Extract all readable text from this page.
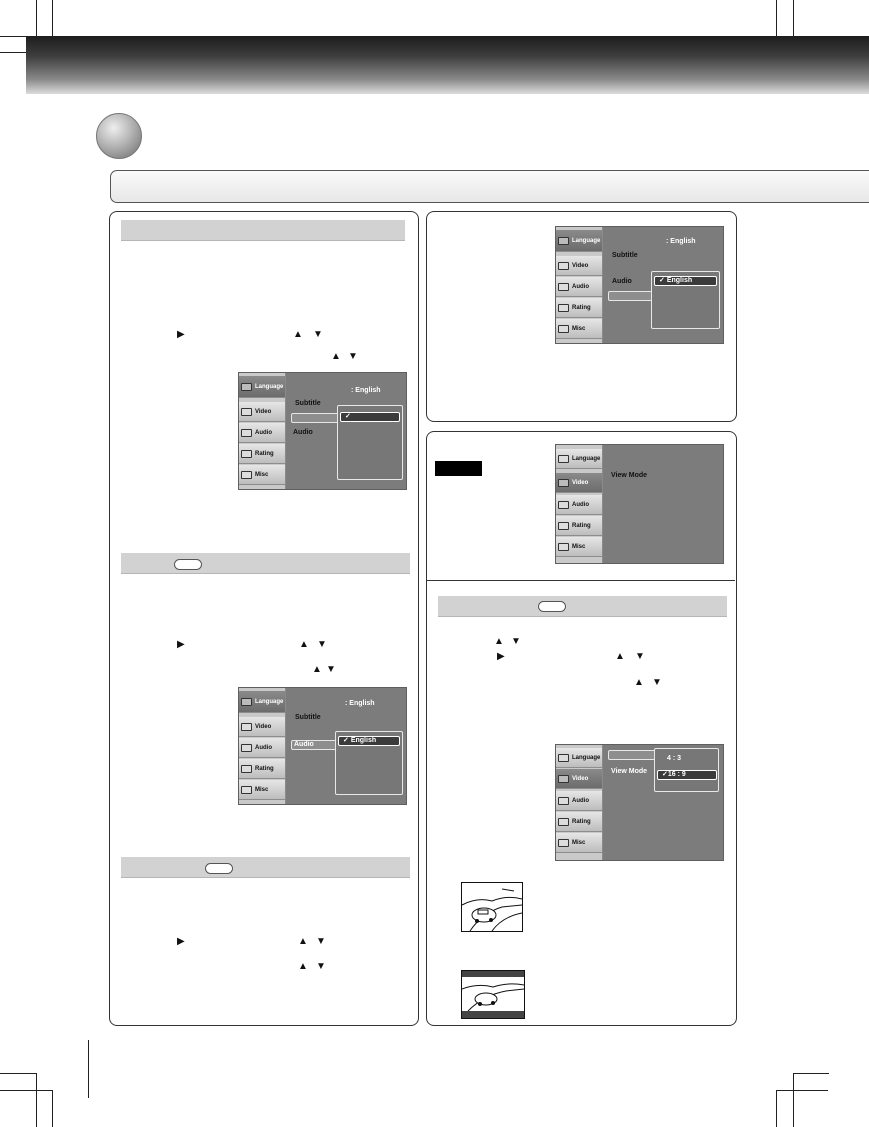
▶	▲ ▼
▲ ▼
Language
Video
Audio
Rating
Misc
: English
Subtitle
Audio
✓
▶	▲ ▼
▲ ▼
Language
Video
Audio
Rating
Misc
: English
Subtitle
Audio
✓ English
▶	▲ ▼
▲ ▼
Language
Video
Audio
Rating
Misc
: English
Subtitle
Audio	✓ English
Language
Video
Audio
Rating
Misc
View Mode
▲ ▼
▶	▲ ▼
▲ ▼
Language
Video
Audio
Rating
Misc
View Mode
4 : 3
✓16 : 9
